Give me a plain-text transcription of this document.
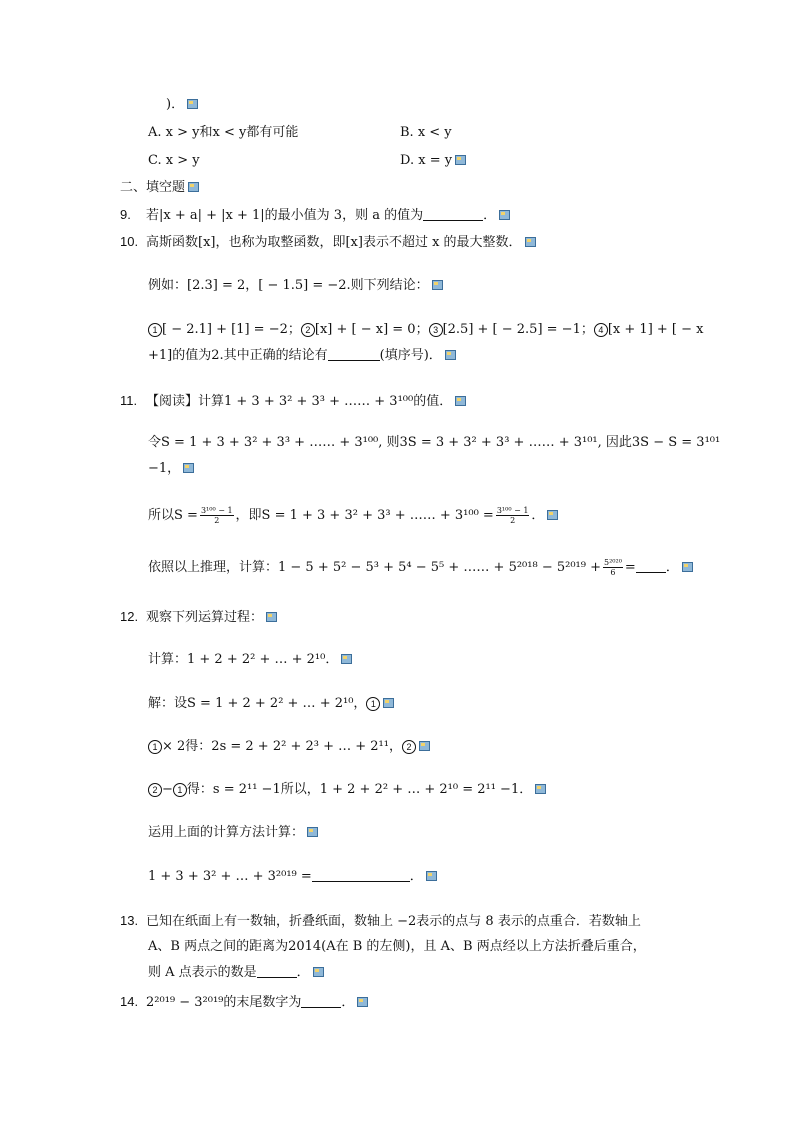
)．
A. x > y和x < y都有可能	B. x < y
C. x > y	D. x = y
二、填空题
9. 若|x + a| + |x + 1|的最小值为 3，则 a 的值为	．
10. 高斯函数[x]，也称为取整函数，即[x]表示不超过 x 的最大整数．
例如：[2.3] = 2，[ − 1.5] = −2.则下列结论：
1 [ − 2.1] + [1] = −2； 2 [x] + [ − x] = 0； 3 [2.5] + [ − 2.5] = −1； 4 [x + 1] + [ − x
+1]的值为2.其中正确的结论有	(填序号)．
11. 【阅读】计算1 + 3 + 3² + 3³ + …… + 3¹⁰⁰的值．
令S = 1 + 3 + 3² + 3³ + …… + 3¹⁰⁰, 则3S = 3 + 3² + 3³ + …… + 3¹⁰¹, 因此3S − S = 3¹⁰¹
−1，
所以$S = \frac{\text{3¹⁰⁰ − 1}}{2}$ ，即S = 1 + 3 + 3² + 3³ + …… + $3^{100} = \frac{\text{3¹⁰⁰ − 1}}{2}$ ．
依照以上推理，计算：1 − 5 + 5² − 5³ + 5⁴ − 5⁵ + …… + $5^{2018} - 5^{2019} + \frac{\text{5²⁰²⁰}}{6}$ = ．
12. 观察下列运算过程：
计算：1 + 2 + 2² + … + 2¹⁰．
解：设S = 1 + 2 + 2² + … + 2¹⁰， 1
1 × 2得：2s = 2 + 2² + 2³ + … + 2¹¹， 2
2 − 1 得：s = 2¹¹ −1所以，1 + 2 + 2² + … + 2¹⁰ = 2¹¹ −1．
运用上面的计算方法计算：
1 + 3 + 3² + … + 3²⁰¹⁹ =	．
13. 已知在纸面上有一数轴，折叠纸面，数轴上 −2表示的点与 8 表示的点重合．若数轴上
A、B 两点之间的距离为2014(A在 B 的左侧)，且 A、B 两点经以上方法折叠后重合，
则 A 点表示的数是	．
14. 2²⁰¹⁹ − 3²⁰¹⁹的末尾数字为	．
